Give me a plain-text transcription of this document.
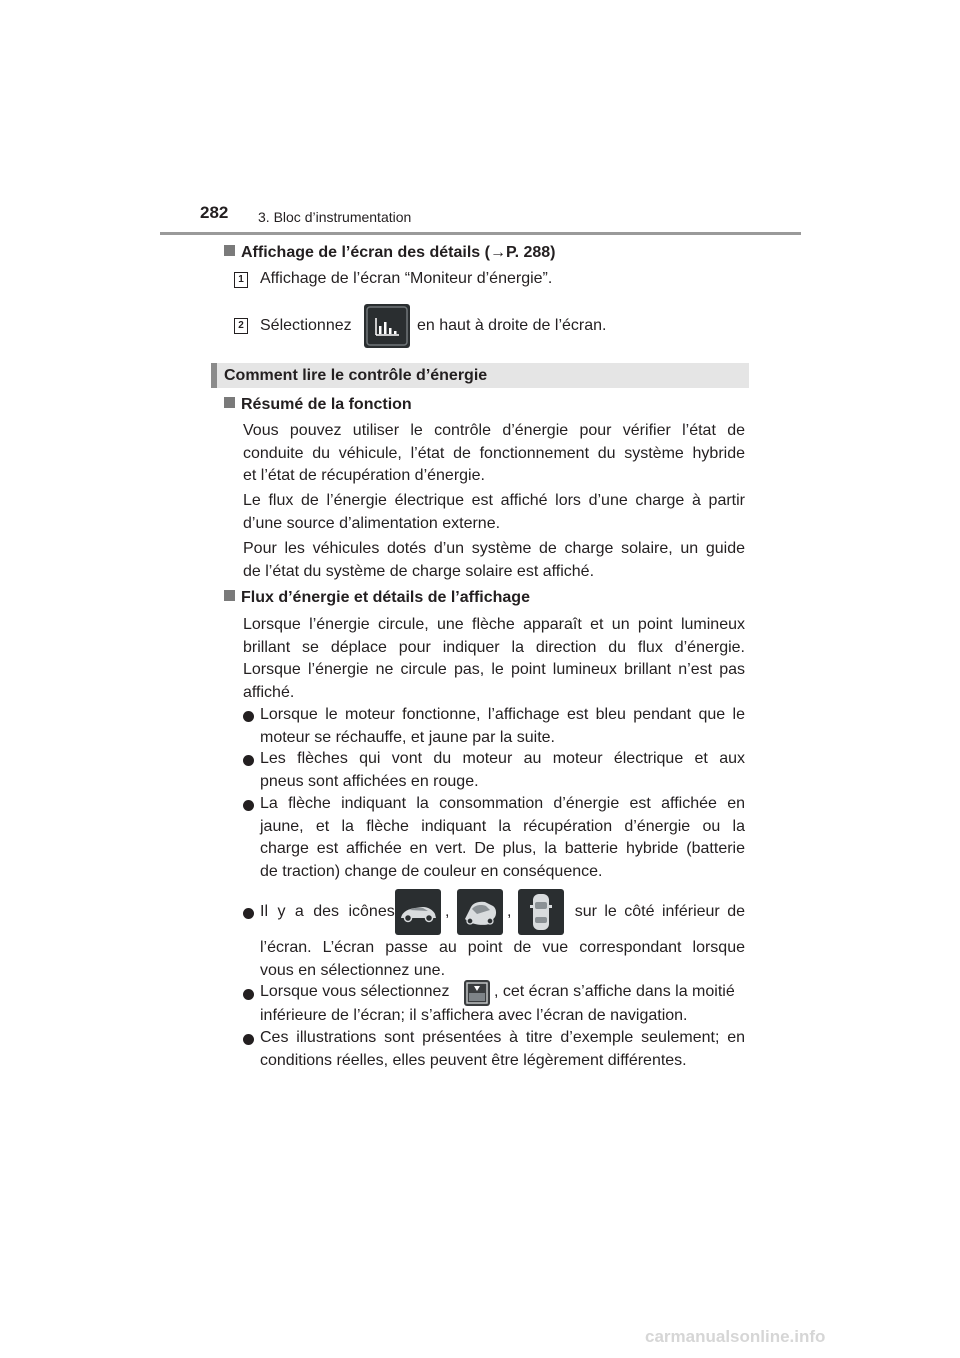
282 3. Bloc d’instrumentation
Affichage de l’écran des détails (→P. 288)
1 Affichage de l’écran “Moniteur d’énergie”.
2 Sélectionnez	en haut à droite de l’écran.
Comment lire le contrôle d’énergie
Résumé de la fonction
Vous pouvez utiliser le contrôle d’énergie pour vérifier l’état de
conduite du véhicule, l’état de fonctionnement du système hybride
et l’état de récupération d’énergie.
Le flux de l’énergie électrique est affiché lors d’une charge à partir
d’une source d’alimentation externe.
Pour les véhicules dotés d’un système de charge solaire, un guide
de l’état du système de charge solaire est affiché.
Flux d’énergie et détails de l’affichage
Lorsque l’énergie circule, une flèche apparaît et un point lumineux
brillant se déplace pour indiquer la direction du flux d’énergie.
Lorsque l’énergie ne circule pas, le point lumineux brillant n’est pas
affiché.
Lorsque le moteur fonctionne, l’affichage est bleu pendant que le
moteur se réchauffe, et jaune par la suite.
Les flèches qui vont du moteur au moteur électrique et aux
pneus sont affichées en rouge.
La flèche indiquant la consommation d’énergie est affichée en
jaune, et la flèche indiquant la récupération d’énergie ou la
charge est affichée en vert. De plus, la batterie hybride (batterie
de traction) change de couleur en conséquence.
Il y a des icônes	,	,	sur le côté inférieur de
l’écran. L’écran passe au point de vue correspondant lorsque
vous en sélectionnez une.
Lorsque vous sélectionnez	, cet écran s’affiche dans la moitié
inférieure de l’écran; il s’affichera avec l’écran de navigation.
Ces illustrations sont présentées à titre d’exemple seulement; en
conditions réelles, elles peuvent être légèrement différentes.
carmanualsonline.info
